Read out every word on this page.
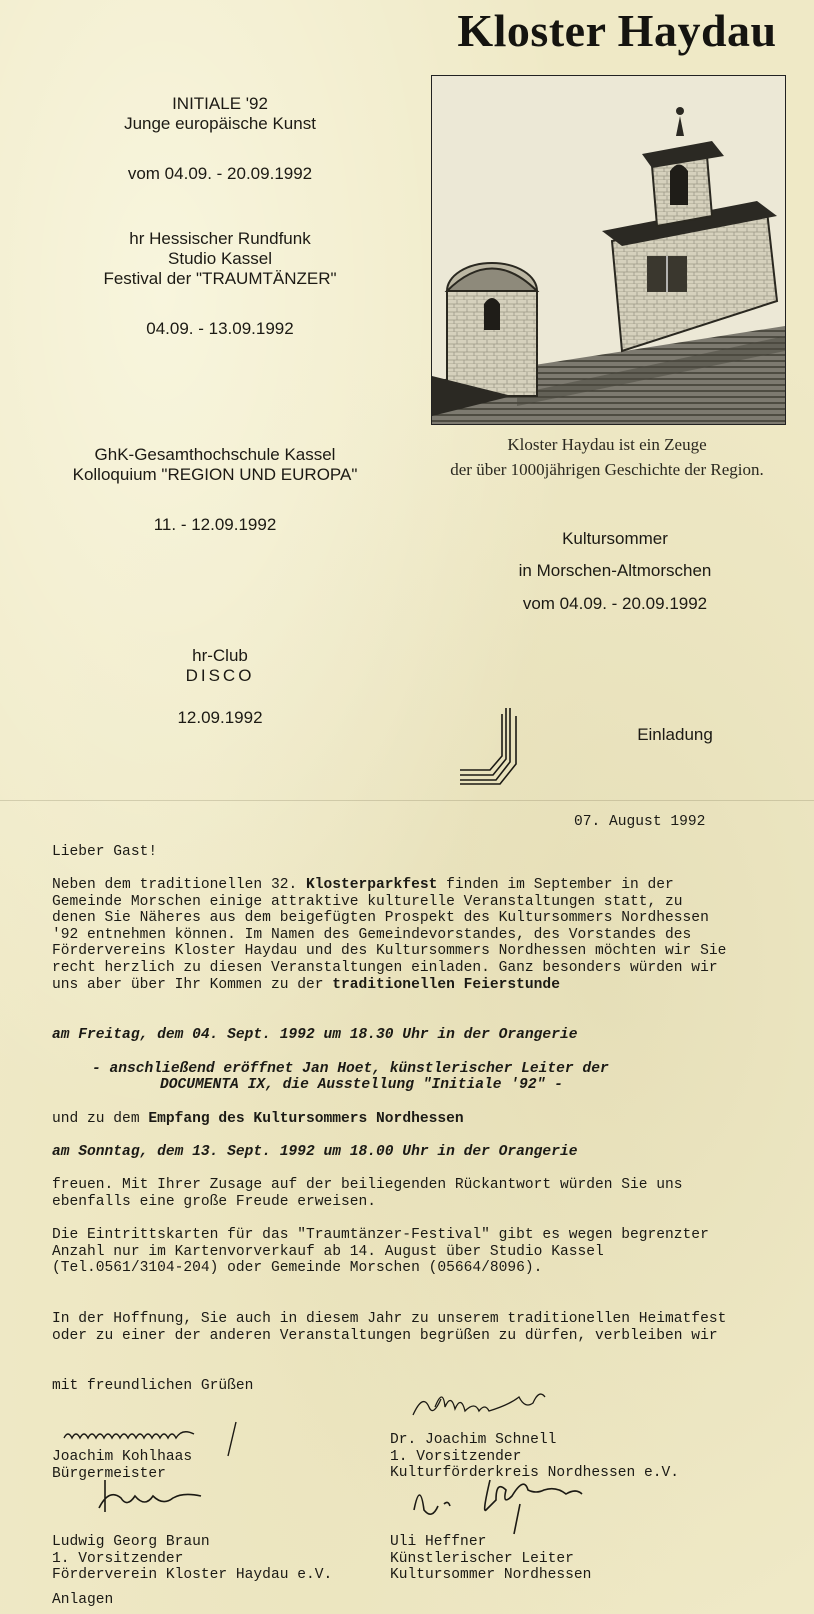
Kloster Haydau
INITIALE '92
Junge europäische Kunst
vom 04.09. - 20.09.1992
hr Hessischer Rundfunk
Studio Kassel
Festival der "TRAUMTÄNZER"
04.09. - 13.09.1992
GhK-Gesamthochschule Kassel
Kolloquium "REGION UND EUROPA"
11. - 12.09.1992
hr-Club
DISCO
12.09.1992
Kloster Haydau ist ein Zeuge
der über 1000jährigen Geschichte der Region.
Kultursommer
in Morschen-Altmorschen
vom 04.09. - 20.09.1992
Einladung
07. August 1992
Lieber Gast!
Neben dem traditionellen 32. Klosterparkfest finden im September in der Gemeinde Morschen einige attraktive kulturelle Veranstaltungen statt, zu denen Sie Näheres aus dem beigefügten Prospekt des Kultursommers Nordhessen '92 entnehmen können. Im Namen des Gemeindevorstandes, des Vorstandes des Fördervereins Kloster Haydau und des Kultursommers Nordhessen möchten wir Sie recht herzlich zu diesen Veranstaltungen einladen. Ganz besonders würden wir uns aber über Ihr Kommen zu der traditionellen Feierstunde
am Freitag, dem 04. Sept. 1992 um 18.30 Uhr in der Orangerie
- anschließend eröffnet Jan Hoet, künstlerischer Leiter der
DOCUMENTA IX, die Ausstellung "Initiale '92" -
und zu dem Empfang des Kultursommers Nordhessen
am Sonntag, dem 13. Sept. 1992 um 18.00 Uhr in der Orangerie
freuen. Mit Ihrer Zusage auf der beiliegenden Rückantwort würden Sie uns ebenfalls eine große Freude erweisen.
Die Eintrittskarten für das "Traumtänzer-Festival" gibt es wegen begrenzter Anzahl nur im Kartenvorverkauf ab 14. August über Studio Kassel (Tel.0561/3104-204) oder Gemeinde Morschen (05664/8096).
In der Hoffnung, Sie auch in diesem Jahr zu unserem traditionellen Heimatfest oder zu einer der anderen Veranstaltungen begrüßen zu dürfen, verbleiben wir
mit freundlichen Grüßen
Joachim Kohlhaas
Bürgermeister
Dr. Joachim Schnell
1. Vorsitzender
Kulturförderkreis Nordhessen e.V.
Ludwig Georg Braun
1. Vorsitzender
Förderverein Kloster Haydau e.V.
Uli Heffner
Künstlerischer Leiter
Kultursommer Nordhessen
Anlagen
